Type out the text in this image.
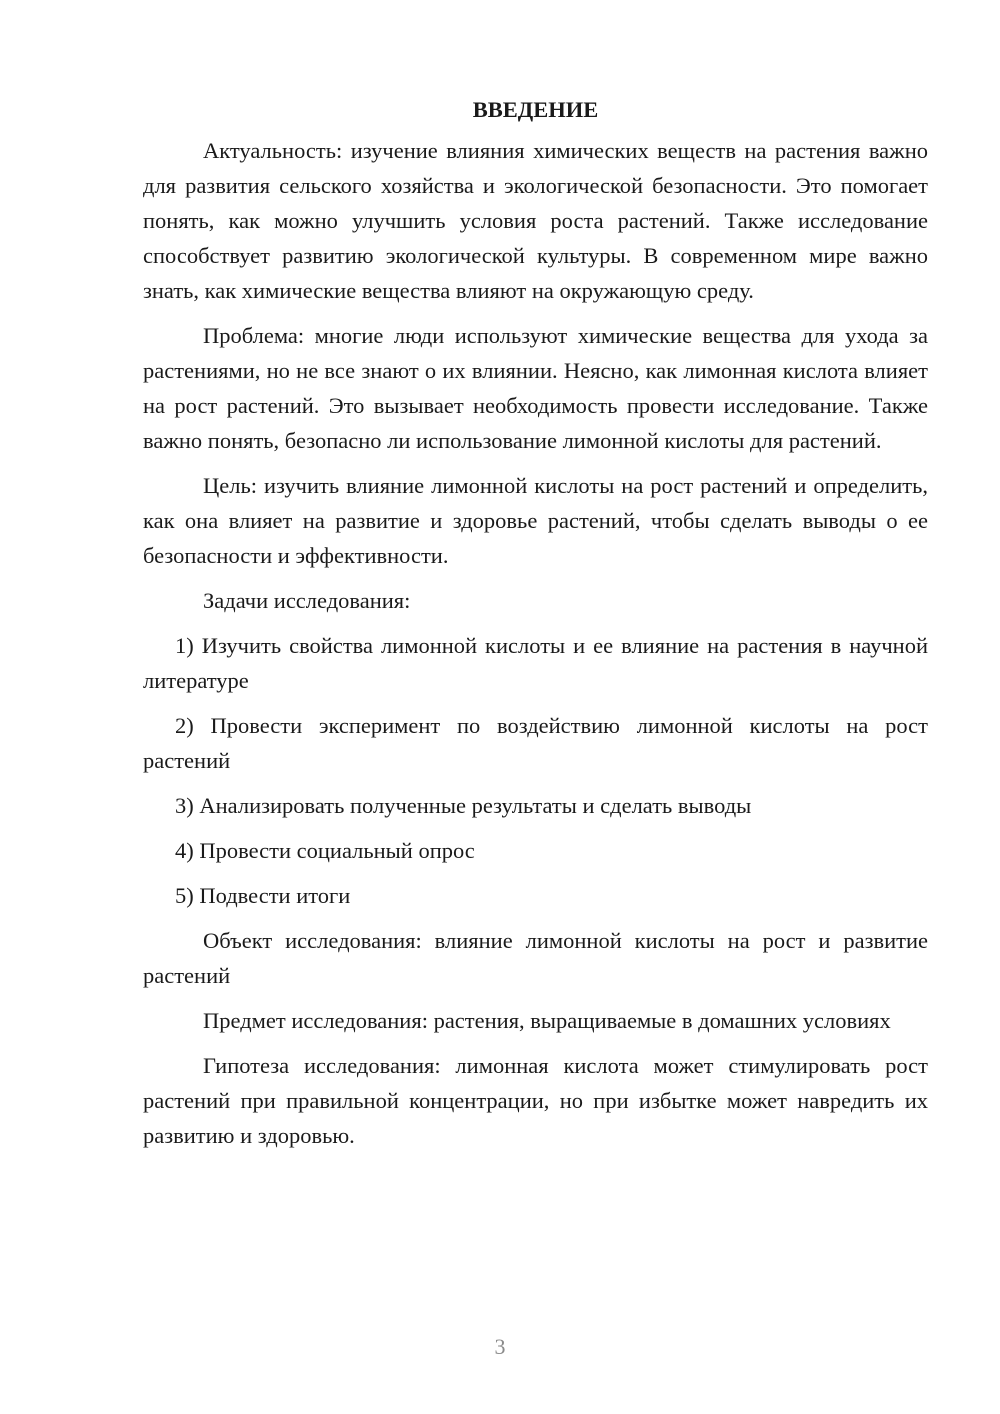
ВВЕДЕНИЕ

Актуальность: изучение влияния химических веществ на растения важно для развития сельского хозяйства и экологической безопасности. Это помогает понять, как можно улучшить условия роста растений. Также исследование способствует развитию экологической культуры. В современном мире важно знать, как химические вещества влияют на окружающую среду.

Проблема: многие люди используют химические вещества для ухода за растениями, но не все знают о их влиянии. Неясно, как лимонная кислота влияет на рост растений. Это вызывает необходимость провести исследование. Также важно понять, безопасно ли использование лимонной кислоты для растений.

Цель: изучить влияние лимонной кислоты на рост растений и определить, как она влияет на развитие и здоровье растений, чтобы сделать выводы о ее безопасности и эффективности.

Задачи исследования:

1) Изучить свойства лимонной кислоты и ее влияние на растения в научной литературе

2) Провести эксперимент по воздействию лимонной кислоты на рост растений

3) Анализировать полученные результаты и сделать выводы

4) Провести социальный опрос

5) Подвести итоги

Объект исследования: влияние лимонной кислоты на рост и развитие растений

Предмет исследования: растения, выращиваемые в домашних условиях

Гипотеза исследования: лимонная кислота может стимулировать рост растений при правильной концентрации, но при избытке может навредить их развитию и здоровью.

3
